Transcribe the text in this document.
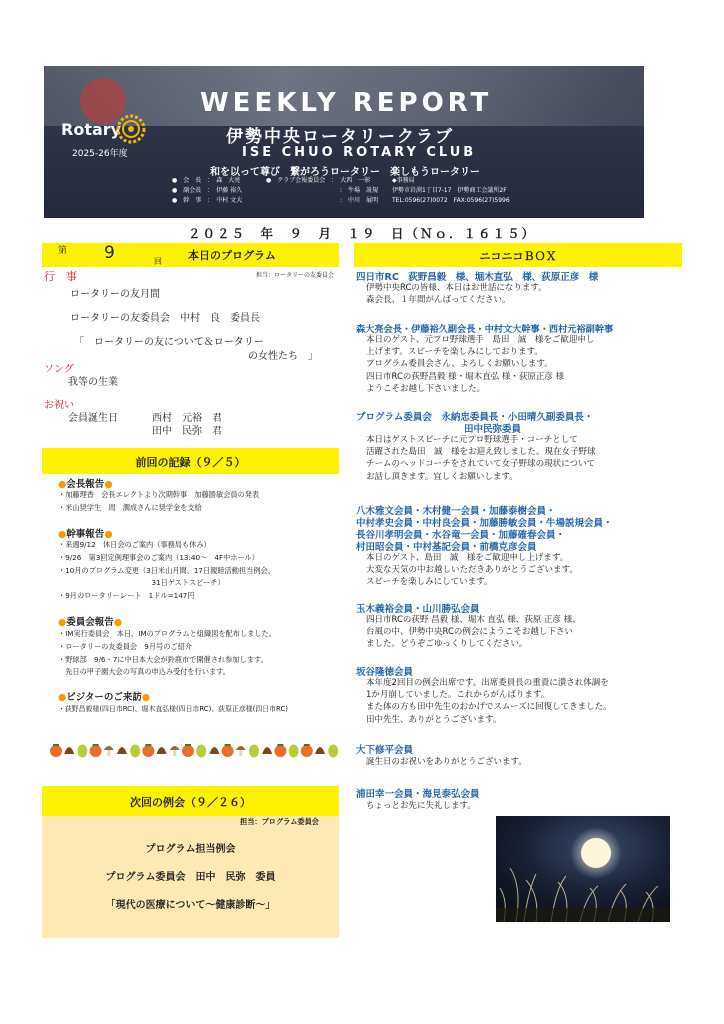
WEEKLY REPORT
伊勢中央ロータリークラブ
ISE CHUO ROTARY CLUB
Rotary
2025-26年度
和を以って尊び　繋がろうロータリー　楽しもうロータリー
●　会　長　：　森　大亮
●　副会長　：　伊藤 裕久
●　幹　事　：　中村 文大
●　クラブ会報委員会　：　大西　一彰
:　牛場　説規
:　中川　展明
◆事務局
伊勢市岩渕1丁目7-17　伊勢商工会議所2F
TEL:0596(27)0072　FAX:0596(27)5996
２０２５　年　９　月　１９　日（Ｎｏ．１６１５）
第 9	回 本日のプログラム
担当：ロータリーの友委員会
行　事
ロータリーの友月間
ロータリーの友委員会　中村　良　委員長
「　ロータリーの友について＆ロータリー
の女性たち　」
ソング
我等の生業
お祝い
会員誕生日	西村　元裕　君
田中　民弥　君
前回の記録（９／５）
●会長報告●
・加藤理香　会長エレクトより次期幹事　加藤勝敏会員の発表
・米山奨学生　周　潤成さんに奨学金を支給
●幹事報告●
・来週9/12　休日会のご案内（事務局も休み）
・9/26　第3回定例理事会のご案内（13:40～　4F中ホール）
・10月のプログラム変更（3日米山月間、17日親睦活動担当例会、
　　　　　　　　　　　　　31日ゲストスピーチ）
・9月のロータリーレート　1ドル=147円
●委員会報告●
・IM実行委員会　本日、IMのプログラムと組織図を配布しました。
・ロータリーの友委員会　9月号のご紹介
・野球部　9/6・7に中日本大会が鈴鹿市で開催され参加します。
　先日の甲子園大会の写真の申込み受付を行います。
●ビジターのご来訪●
・荻野昌毅様(四日市RC)、堀木直弘様(四日市RC)、荻原正彦様(四日市RC)
次回の例会（９／２６）
担当：プログラム委員会
プログラム担当例会
プログラム委員会　田中　民弥　委員
「現代の医療について～健康診断～」
ニコニコＢＯＸ
四日市RC　荻野昌毅　様、堀木直弘　様、荻原正彦　様
伊勢中央RCの皆様、本日はお世話になります。
森会長、１年間がんばってください。
森大亮会長・伊藤裕久副会長・中村文大幹事・西村元裕副幹事
本日のゲスト、元プロ野球選手　島田　誠　様をご歓迎申し
上げます。スピーチを楽しみにしております。
プログラム委員会さん、よろしくお願いします。
四日市RCの荻野昌毅 様・堀木直弘 様・荻原正彦 様
ようこそお越し下さいました。
プログラム委員会　永納忠委員長・小田晴久副委員長・
田中民弥委員
本日はゲストスピーチに元プロ野球選手・コーチとして
活躍された島田　誠　様をお迎え致しました。現在女子野球
チームのヘッドコーチをされていて女子野球の現状について
お話し頂きます。宜しくお願いします。
八木雅文会員・木村健一会員・加藤泰樹会員・
中村孝史会員・中村良会員・加藤勝敏会員・牛場説規会員・
長谷川孝明会員・水谷竜一会員・加藤確春会員・
村田昭会員・中村基記会員・前橋克彦会員
本日のゲスト、島田　誠　様をご歓迎申し上げます。
大変な天気の中お越しいただきありがとうございます。
スピーチを楽しみにしています。
玉木義裕会員・山川勝弘会員
四日市RCの荻野 昌毅 様、堀木 直弘 様、荻原 正彦 様、
台風の中、伊勢中央RCの例会にようこそお越し下さい
ました。どうぞごゆっくりしてください。
坂谷隆徳会員
本年度2回目の例会出席です。出席委員長の重責に潰され体調を
1か月崩していました。これからがんばります。
また体の方も田中先生のおかげでスムーズに回復してきました。
田中先生、ありがとうございます。
大下修平会員
誕生日のお祝いをありがとうございます。
浦田幸一会員・海見泰弘会員
ちょっとお先に失礼します。
